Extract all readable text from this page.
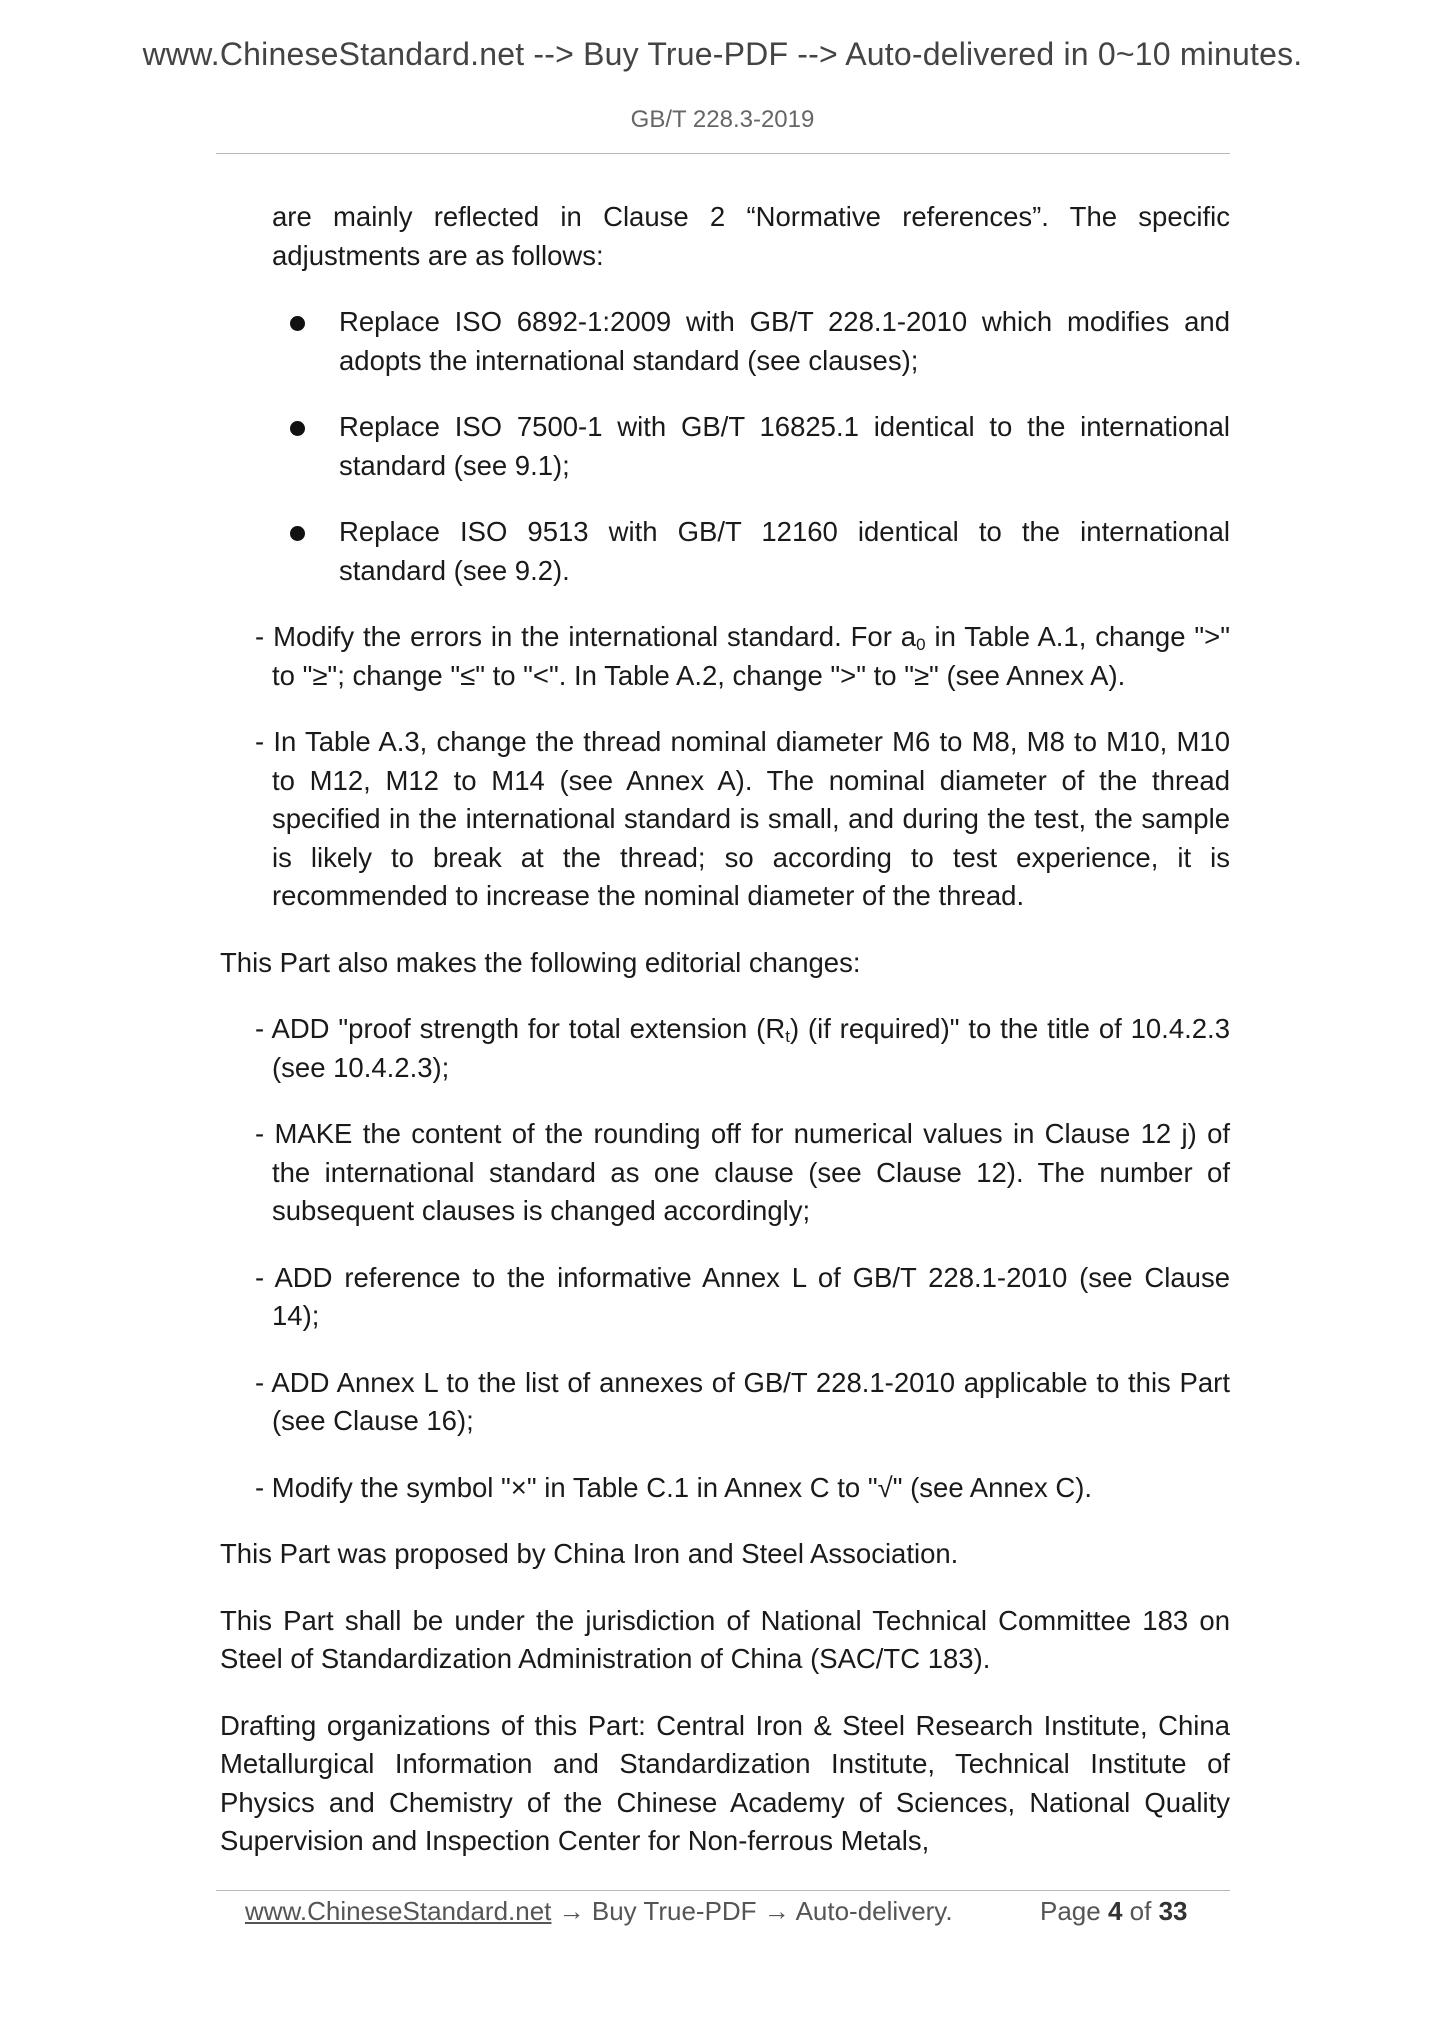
www.ChineseStandard.net --> Buy True-PDF --> Auto-delivered in 0~10 minutes.
GB/T 228.3-2019

are mainly reflected in Clause 2 “Normative references”. The specific adjustments are as follows:

Replace ISO 6892-1:2009 with GB/T 228.1-2010 which modifies and adopts the international standard (see clauses);
Replace ISO 7500-1 with GB/T 16825.1 identical to the international standard (see 9.1);
Replace ISO 9513 with GB/T 12160 identical to the international standard (see 9.2).

- Modify the errors in the international standard. For $a_0$ in Table A.1, change ">" to "≥"; change "≤" to "<". In Table A.2, change ">" to "≥" (see Annex A).

- In Table A.3, change the thread nominal diameter M6 to M8, M8 to M10, M10 to M12, M12 to M14 (see Annex A). The nominal diameter of the thread specified in the international standard is small, and during the test, the sample is likely to break at the thread; so according to test experience, it is recommended to increase the nominal diameter of the thread.

This Part also makes the following editorial changes:

- ADD "proof strength for total extension $(R_t)$ (if required)" to the title of 10.4.2.3 (see 10.4.2.3);

- MAKE the content of the rounding off for numerical values in Clause 12 j) of the international standard as one clause (see Clause 12). The number of subsequent clauses is changed accordingly;

- ADD reference to the informative Annex L of GB/T 228.1-2010 (see Clause 14);

- ADD Annex L to the list of annexes of GB/T 228.1-2010 applicable to this Part (see Clause 16);

- Modify the symbol "×" in Table C.1 in Annex C to "√" (see Annex C).

This Part was proposed by China Iron and Steel Association.

This Part shall be under the jurisdiction of National Technical Committee 183 on Steel of Standardization Administration of China (SAC/TC 183).

Drafting organizations of this Part: Central Iron & Steel Research Institute, China Metallurgical Information and Standardization Institute, Technical Institute of Physics and Chemistry of the Chinese Academy of Sciences, National Quality Supervision and Inspection Center for Non-ferrous Metals,

www.ChineseStandard.net → Buy True-PDF → Auto-delivery.	Page 4 of 33
